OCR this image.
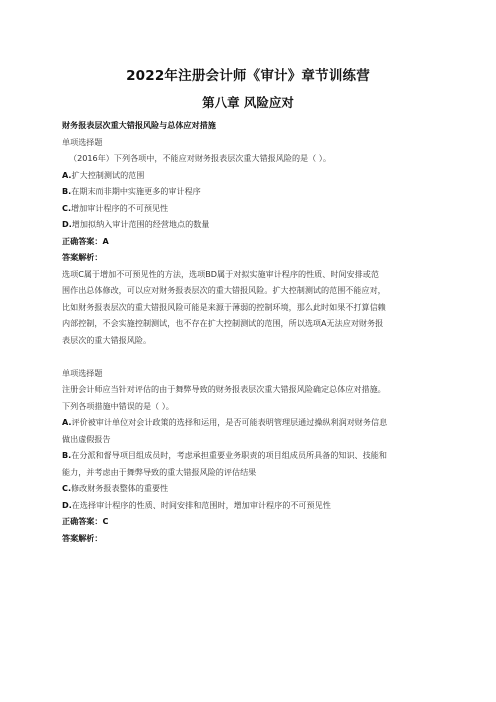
2022年注册会计师《审计》章节训练营
第八章 风险应对
财务报表层次重大错报风险与总体应对措施
单项选择题
（2016年）下列各项中，不能应对财务报表层次重大错报风险的是（ ）。
A.扩大控制测试的范围
B.在期末而非期中实施更多的审计程序
C.增加审计程序的不可预见性
D.增加拟纳入审计范围的经营地点的数量
正确答案：A
答案解析：
选项C属于增加不可预见性的方法，选项BD属于对拟实施审计程序的性质、时间安排或范
围作出总体修改，可以应对财务报表层次的重大错报风险。扩大控制测试的范围不能应对，
比如财务报表层次的重大错报风险可能是来源于薄弱的控制环境，那么此时如果不打算信赖
内部控制，不会实施控制测试，也不存在扩大控制测试的范围，所以选项A无法应对财务报
表层次的重大错报风险。
单项选择题
注册会计师应当针对评估的由于舞弊导致的财务报表层次重大错报风险确定总体应对措施。
下列各项措施中错误的是（ ）。
A.评价被审计单位对会计政策的选择和运用，是否可能表明管理层通过操纵利润对财务信息
做出虚假报告
B.在分派和督导项目组成员时，考虑承担重要业务职责的项目组成员所具备的知识、技能和
能力，并考虑由于舞弊导致的重大错报风险的评估结果
C.修改财务报表整体的重要性
D.在选择审计程序的性质、时间安排和范围时，增加审计程序的不可预见性
正确答案：C
答案解析：
